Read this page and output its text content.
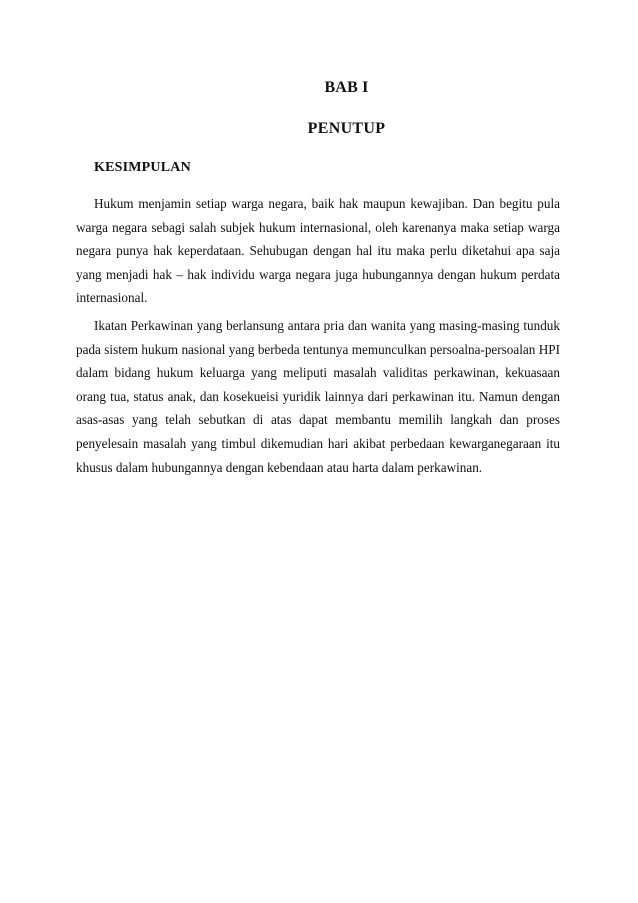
BAB I
PENUTUP
KESIMPULAN

Hukum menjamin setiap warga negara, baik hak maupun kewajiban. Dan begitu pula warga negara sebagi salah subjek hukum internasional, oleh karenanya maka setiap warga negara punya hak keperdataan. Sehubugan dengan hal itu maka perlu diketahui apa saja yang menjadi hak – hak individu warga negara juga hubungannya dengan hukum perdata internasional.

Ikatan Perkawinan yang berlansung antara pria dan wanita yang masing-masing tunduk pada sistem hukum nasional yang berbeda tentunya memunculkan persoalna-persoalan HPI dalam bidang hukum keluarga yang meliputi masalah validitas perkawinan, kekuasaan orang tua, status anak, dan kosekueisi yuridik lainnya dari perkawinan itu. Namun dengan asas-asas yang telah sebutkan di atas dapat membantu memilih langkah dan proses penyelesain masalah yang timbul dikemudian hari akibat perbedaan kewarganegaraan itu khusus dalam hubungannya dengan kebendaan atau harta dalam perkawinan.
